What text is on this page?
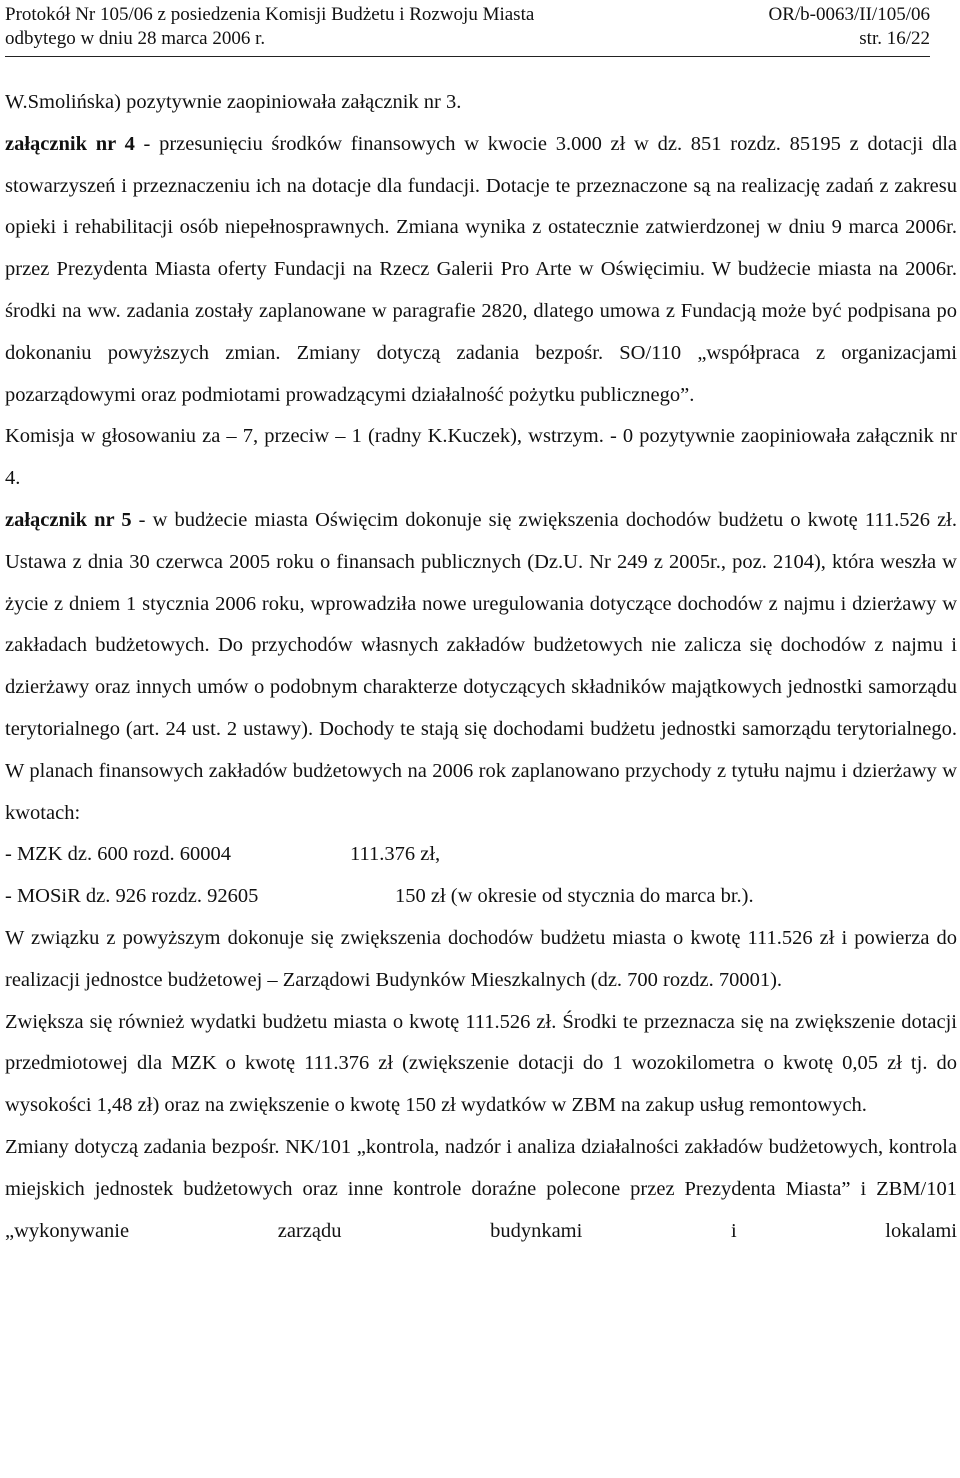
Protokół Nr 105/06 z posiedzenia Komisji Budżetu i Rozwoju Miasta	OR/b-0063/II/105/06
odbytego w dniu 28 marca 2006 r.	str. 16/22

W.Smolińska) pozytywnie zaopiniowała załącznik nr 3.

załącznik nr 4 - przesunięciu środków finansowych w kwocie 3.000 zł w dz. 851 rozdz. 85195 z dotacji dla stowarzyszeń i przeznaczeniu ich na dotacje dla fundacji. Dotacje te przeznaczone są na realizację zadań z zakresu opieki i rehabilitacji osób niepełnosprawnych. Zmiana wynika z ostatecznie zatwierdzonej w dniu 9 marca 2006r. przez Prezydenta Miasta oferty Fundacji na Rzecz Galerii Pro Arte w Oświęcimiu. W budżecie miasta na 2006r. środki na ww. zadania zostały zaplanowane w paragrafie 2820, dlatego umowa z Fundacją może być podpisana po dokonaniu powyższych zmian. Zmiany dotyczą zadania bezpośr. SO/110 „współpraca z organizacjami pozarządowymi oraz podmiotami prowadzącymi działalność pożytku publicznego”.

Komisja w głosowaniu za – 7, przeciw – 1 (radny K.Kuczek), wstrzym. - 0 pozytywnie zaopiniowała załącznik nr 4.

załącznik nr 5 - w budżecie miasta Oświęcim dokonuje się zwiększenia dochodów budżetu o kwotę 111.526 zł. Ustawa z dnia 30 czerwca 2005 roku o finansach publicznych (Dz.U. Nr 249 z 2005r., poz. 2104), która weszła w życie z dniem 1 stycznia 2006 roku, wprowadziła nowe uregulowania dotyczące dochodów z najmu i dzierżawy w zakładach budżetowych. Do przychodów własnych zakładów budżetowych nie zalicza się dochodów z najmu i dzierżawy oraz innych umów o podobnym charakterze dotyczących składników majątkowych jednostki samorządu terytorialnego (art. 24 ust. 2 ustawy). Dochody te stają się dochodami budżetu jednostki samorządu terytorialnego. W planach finansowych zakładów budżetowych na 2006 rok zaplanowano przychody z tytułu najmu i dzierżawy w kwotach:

- MZK dz. 600 rozd. 60004	111.376 zł,
- MOSiR dz. 926 rozdz. 92605	150 zł (w okresie od stycznia do marca br.).

W związku z powyższym dokonuje się zwiększenia dochodów budżetu miasta o kwotę 111.526 zł i powierza do realizacji jednostce budżetowej – Zarządowi Budynków Mieszkalnych (dz. 700 rozdz. 70001).

Zwiększa się również wydatki budżetu miasta o kwotę 111.526 zł. Środki te przeznacza się na zwiększenie dotacji przedmiotowej dla MZK o kwotę 111.376 zł (zwiększenie dotacji do 1 wozokilometra o kwotę 0,05 zł tj. do wysokości 1,48 zł) oraz na zwiększenie o kwotę 150 zł wydatków w ZBM na zakup usług remontowych.

Zmiany dotyczą zadania bezpośr. NK/101 „kontrola, nadzór i analiza działalności zakładów budżetowych, kontrola miejskich jednostek budżetowych oraz inne kontrole doraźne polecone przez Prezydenta Miasta” i ZBM/101 „wykonywanie zarządu budynkami i lokalami
